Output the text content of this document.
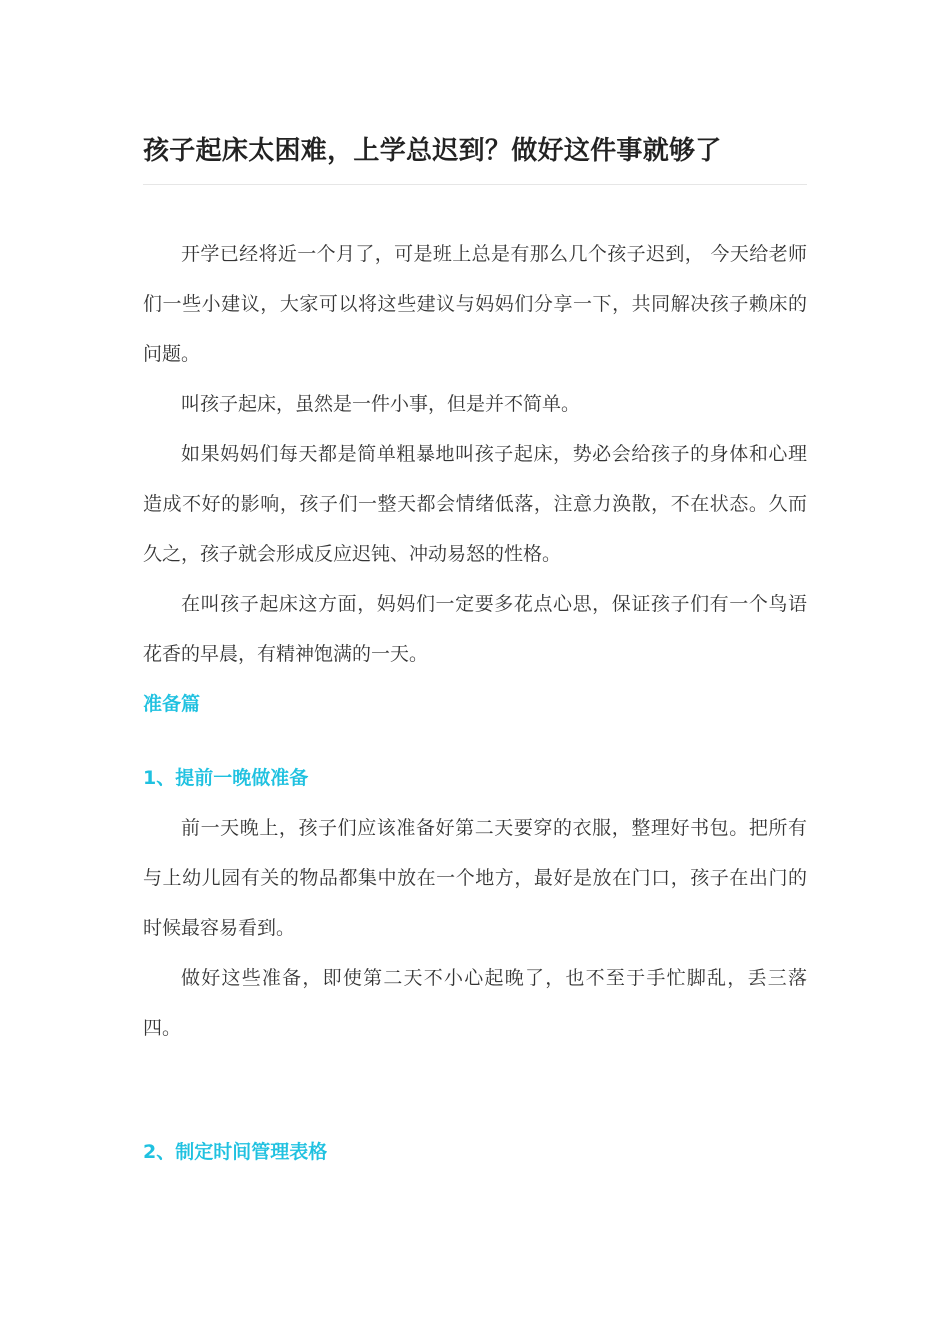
孩子起床太困难，上学总迟到？做好这件事就够了

开学已经将近一个月了，可是班上总是有那么几个孩子迟到， 今天给老师们一些小建议，大家可以将这些建议与妈妈们分享一下，共同解决孩子赖床的问题。

叫孩子起床，虽然是一件小事，但是并不简单。

如果妈妈们每天都是简单粗暴地叫孩子起床，势必会给孩子的身体和心理造成不好的影响，孩子们一整天都会情绪低落，注意力涣散，不在状态。久而久之，孩子就会形成反应迟钝、冲动易怒的性格。

在叫孩子起床这方面，妈妈们一定要多花点心思，保证孩子们有一个鸟语花香的早晨，有精神饱满的一天。

准备篇
1、提前一晚做准备

前一天晚上，孩子们应该准备好第二天要穿的衣服，整理好书包。把所有与上幼儿园有关的物品都集中放在一个地方，最好是放在门口，孩子在出门的时候最容易看到。

做好这些准备，即使第二天不小心起晚了，也不至于手忙脚乱，丢三落四。

2、制定时间管理表格
